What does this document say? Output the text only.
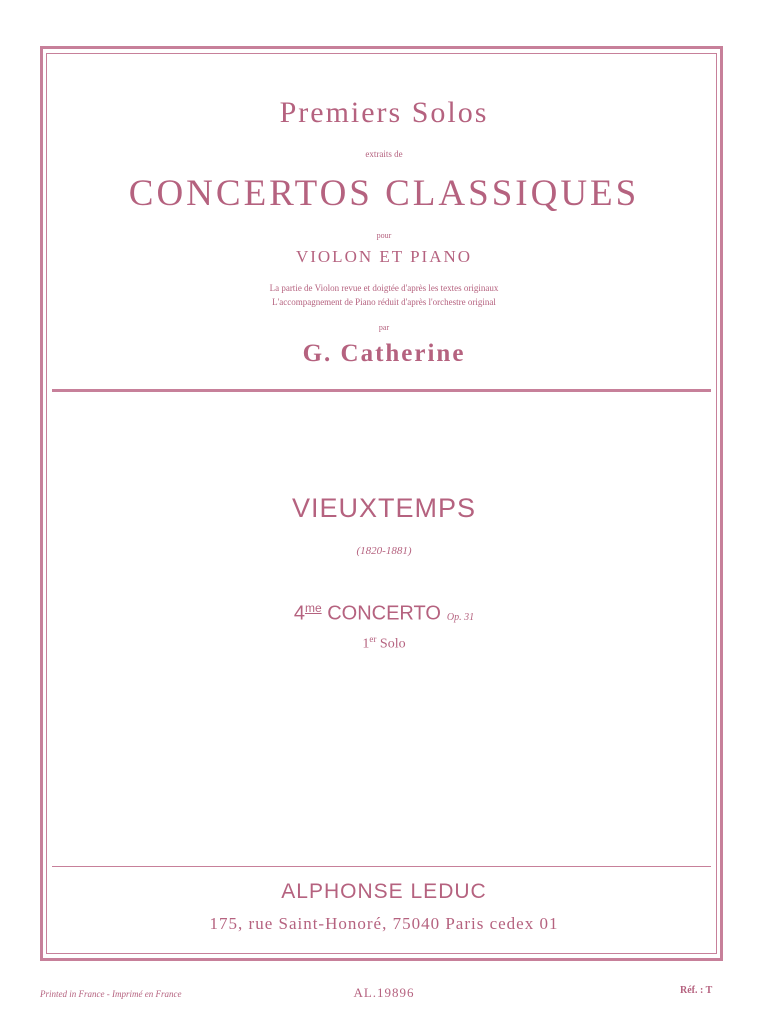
Premiers Solos
extraits de
CONCERTOS CLASSIQUES
pour
VIOLON ET PIANO
La partie de Violon revue et doigtée d'après les textes originaux
L'accompagnement de Piano réduit d'après l'orchestre original
par
G. Catherine
VIEUXTEMPS
(1820-1881)
$4^{me}$ CONCERTO Op. 31
1er Solo
ALPHONSE LEDUC
175, rue Saint-Honoré, 75040 Paris cedex 01
Printed in France - Imprimé en France	AL.19896	Réf. : T
